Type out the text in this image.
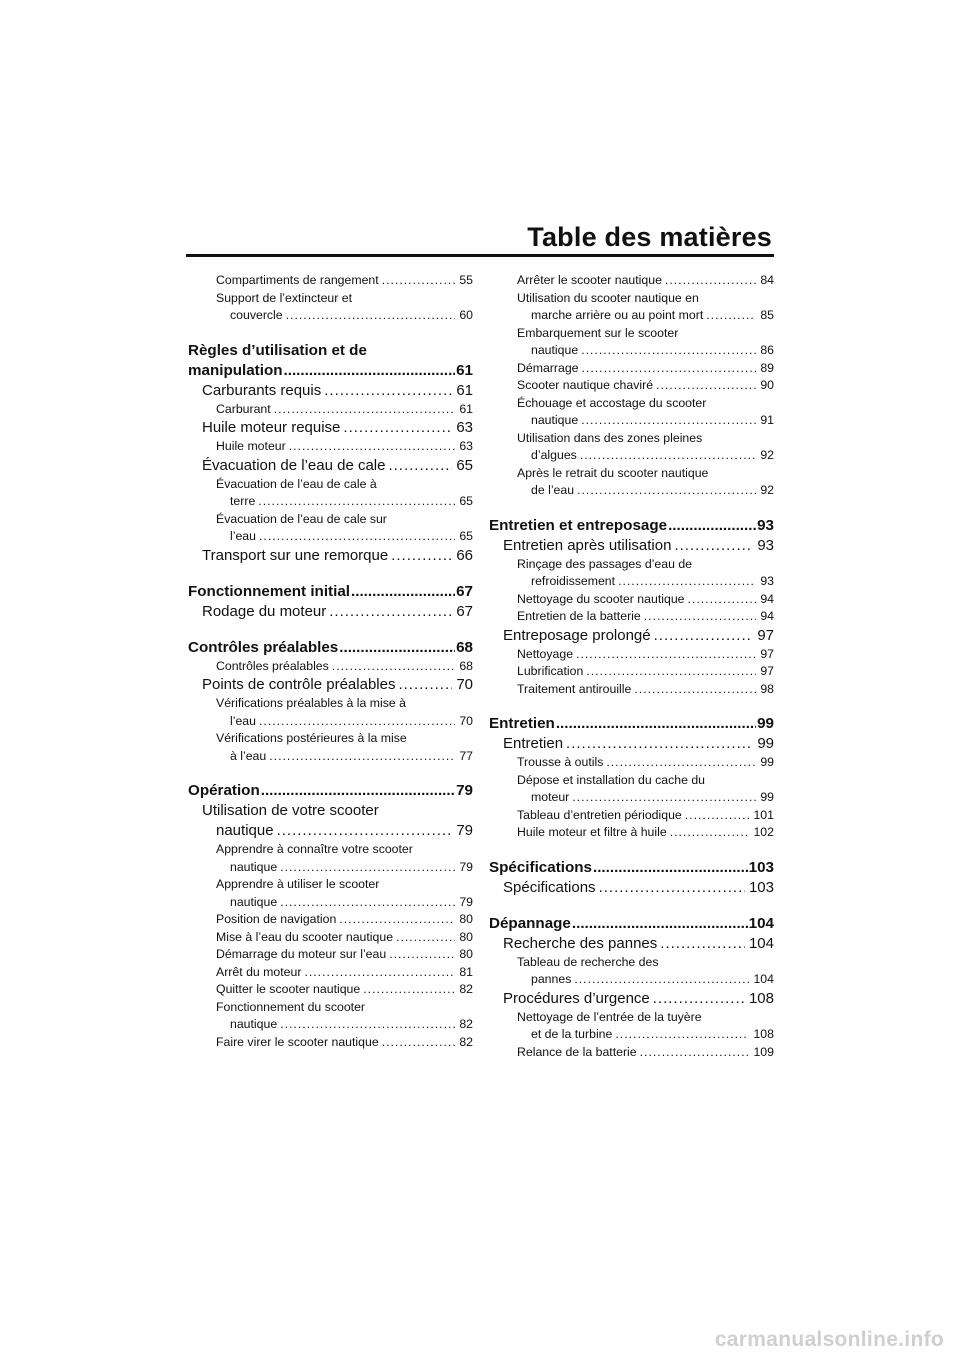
Table des matières
Compartiments de rangement .....	55
Support de l’extincteur et
couvercle .....	60
Règles d’utilisation et de
manipulation .....	61
Carburants requis .....	61
Carburant .....	61
Huile moteur requise .....	63
Huile moteur .....	63
Évacuation de l’eau de cale .....	65
Évacuation de l’eau de cale à
terre .....	65
Évacuation de l’eau de cale sur
l’eau .....	65
Transport sur une remorque .....	66
Fonctionnement initial .....	67
Rodage du moteur .....	67
Contrôles préalables .....	68
Contrôles préalables .....	68
Points de contrôle préalables .....	70
Vérifications préalables à la mise à
l’eau .....	70
Vérifications postérieures à la mise
à l’eau .....	77
Opération .....	79
Utilisation de votre scooter
nautique .....	79
Apprendre à connaître votre scooter
nautique .....	79
Apprendre à utiliser le scooter
nautique .....	79
Position de navigation .....	80
Mise à l’eau du scooter nautique .....	80
Démarrage du moteur sur l’eau .....	80
Arrêt du moteur .....	81
Quitter le scooter nautique .....	82
Fonctionnement du scooter
nautique .....	82
Faire virer le scooter nautique .....	82
Arrêter le scooter nautique .....	84
Utilisation du scooter nautique en
marche arrière ou au point mort .....	85
Embarquement sur le scooter
nautique .....	86
Démarrage .....	89
Scooter nautique chaviré .....	90
Échouage et accostage du scooter
nautique .....	91
Utilisation dans des zones pleines
d’algues .....	92
Après le retrait du scooter nautique
de l’eau .....	92
Entretien et entreposage .....	93
Entretien après utilisation .....	93
Rinçage des passages d’eau de
refroidissement .....	93
Nettoyage du scooter nautique .....	94
Entretien de la batterie .....	94
Entreposage prolongé .....	97
Nettoyage .....	97
Lubrification .....	97
Traitement antirouille .....	98
Entretien .....	99
Entretien .....	99
Trousse à outils .....	99
Dépose et installation du cache du
moteur .....	99
Tableau d’entretien périodique .....	101
Huile moteur et filtre à huile .....	102
Spécifications .....	103
Spécifications .....	103
Dépannage .....	104
Recherche des pannes .....	104
Tableau de recherche des
pannes .....	104
Procédures d’urgence .....	108
Nettoyage de l’entrée de la tuyère
et de la turbine .....	108
Relance de la batterie .....	109
carmanualsonline.info
